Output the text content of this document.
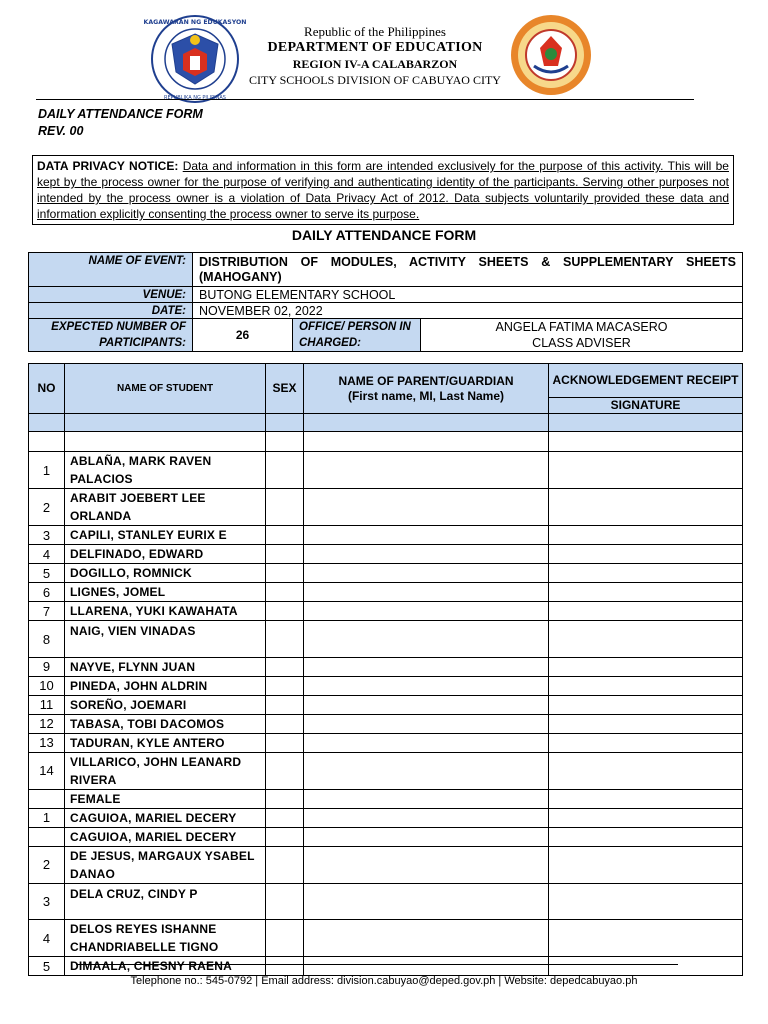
KAGAWARAN NG EDUKASYON
REPUBLIKA NG PILIPINAS
Republic of the Philippines
DEPARTMENT OF EDUCATION
REGION IV-A CALABARZON
CITY SCHOOLS DIVISION OF CABUYAO CITY
DAILY ATTENDANCE FORM
REV. 00
DATA PRIVACY NOTICE: Data and information in this form are intended exclusively for the purpose of this activity. This will be kept by the process owner for the purpose of verifying and authenticating identity of the participants. Serving other purposes not intended by the process owner is a violation of Data Privacy Act of 2012. Data subjects voluntarily provided these data and information explicitly consenting the process owner to serve its purpose.
DAILY ATTENDANCE FORM
NAME OF EVENT:	DISTRIBUTION OF MODULES, ACTIVITY SHEETS & SUPPLEMENTARY SHEETS (MAHOGANY)		
VENUE:	BUTONG ELEMENTARY SCHOOL		
DATE:	NOVEMBER 02, 2022		
EXPECTED NUMBER OF PARTICIPANTS:	26	OFFICE/ PERSON IN CHARGED:	ANGELA FATIMA MACASERO
CLASS ADVISER
NO	NAME OF STUDENT	SEX	NAME OF PARENT/GUARDIAN
(First name, MI, Last Name)	ACKNOWLEDGEMENT RECEIPT
				SIGNATURE

1	ABLAÑA, MARK RAVEN PALACIOS			
2	ARABIT JOEBERT LEE ORLANDA			
3	CAPILI, STANLEY EURIX E			
4	DELFINADO, EDWARD			
5	DOGILLO, ROMNICK			
6	LIGNES, JOMEL			
7	LLARENA, YUKI KAWAHATA			
8	NAIG, VIEN VINADAS			
9	NAYVE, FLYNN JUAN			
10	PINEDA, JOHN ALDRIN			
11	SOREÑO, JOEMARI			
12	TABASA, TOBI DACOMOS			
13	TADURAN, KYLE ANTERO			
14	VILLARICO, JOHN LEANARD RIVERA			
	FEMALE			
1	CAGUIOA, MARIEL DECERY			
	CAGUIOA, MARIEL DECERY			
2	DE JESUS, MARGAUX YSABEL DANAO			
3	DELA CRUZ, CINDY P			
4	DELOS REYES ISHANNE CHANDRIABELLE TIGNO			
5	DIMAALA, CHESNY RAENA			
Telephone no.: 545-0792 | Email address: division.cabuyao@deped.gov.ph | Website: depedcabuyao.ph
